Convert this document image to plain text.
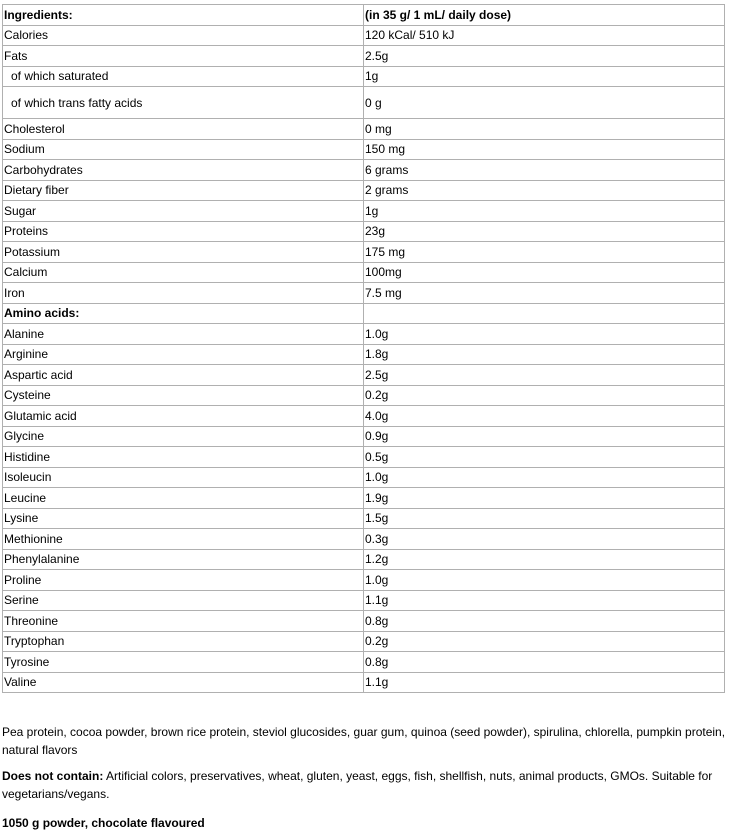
Ingredients:	(in 35 g/ 1 mL/ daily dose)
Calories	120 kCal/ 510 kJ
Fats	2.5g
of which saturated	1g
of which trans fatty acids	0 g
Cholesterol	0 mg
Sodium	150 mg
Carbohydrates	6 grams
Dietary fiber	2 grams
Sugar	1g
Proteins	23g
Potassium	175 mg
Calcium	100mg
Iron	7.5 mg
Amino acids:	
Alanine	1.0g
Arginine	1.8g
Aspartic acid	2.5g
Cysteine	0.2g
Glutamic acid	4.0g
Glycine	0.9g
Histidine	0.5g
Isoleucin	1.0g
Leucine	1.9g
Lysine	1.5g
Methionine	0.3g
Phenylalanine	1.2g
Proline	1.0g
Serine	1.1g
Threonine	0.8g
Tryptophan	0.2g
Tyrosine	0.8g
Valine	1.1g

Pea protein, cocoa powder, brown rice protein, steviol glucosides, guar gum, quinoa (seed powder), spirulina, chlorella, pumpkin protein, natural flavors

Does not contain: Artificial colors, preservatives, wheat, gluten, yeast, eggs, fish, shellfish, nuts, animal products, GMOs. Suitable for vegetarians/vegans.

1050 g powder, chocolate flavoured
